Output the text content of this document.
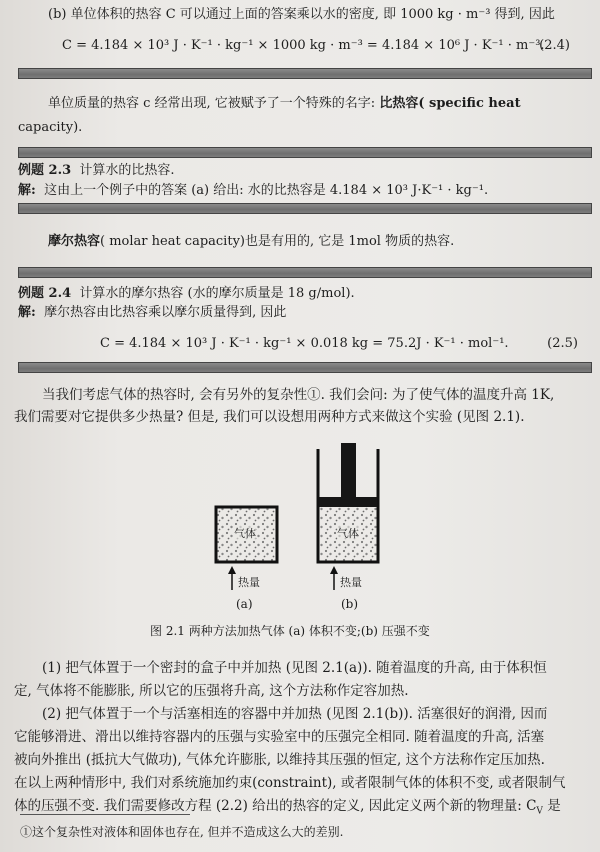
(b) 单位体积的热容 C 可以通过上面的答案乘以水的密度, 即 1000 kg · m⁻³ 得到, 因此
C = 4.184 × 10³ J · K⁻¹ · kg⁻¹ × 1000 kg · m⁻³ = 4.184 × 10⁶ J · K⁻¹ · m⁻³.
(2.4)
单位质量的热容 c 经常出现, 它被赋予了一个特殊的名字: 比热容( specific heat
capacity).
例题 2.3 计算水的比热容.
解: 这由上一个例子中的答案 (a) 给出: 水的比热容是 4.184 × 10³ J·K⁻¹ · kg⁻¹.
摩尔热容( molar heat capacity)也是有用的, 它是 1mol 物质的热容.
例题 2.4 计算水的摩尔热容 (水的摩尔质量是 18 g/mol).
解: 摩尔热容由比热容乘以摩尔质量得到, 因此
C = 4.184 × 10³ J · K⁻¹ · kg⁻¹ × 0.018 kg = 75.2J · K⁻¹ · mol⁻¹.	(2.5)
当我们考虑气体的热容时, 会有另外的复杂性①. 我们会问: 为了使气体的温度升高 1K,
我们需要对它提供多少热量? 但是, 我们可以设想用两种方式来做这个实验 (见图 2.1).
气体	气体
热量	热量
(a)	(b)
图 2.1 两种方法加热气体 (a) 体积不变;(b) 压强不变
(1) 把气体置于一个密封的盒子中并加热 (见图 2.1(a)). 随着温度的升高, 由于体积恒
定, 气体将不能膨胀, 所以它的压强将升高, 这个方法称作定容加热.
(2) 把气体置于一个与活塞相连的容器中并加热 (见图 2.1(b)). 活塞很好的润滑, 因而
它能够滑进、滑出以维持容器内的压强与实验室中的压强完全相同. 随着温度的升高, 活塞
被向外推出 (抵抗大气做功), 气体允许膨胀, 以维持其压强的恒定, 这个方法称作定压加热.
在以上两种情形中, 我们对系统施加约束(constraint), 或者限制气体的体积不变, 或者限制气
体的压强不变. 我们需要修改方程 (2.2) 给出的热容的定义, 因此定义两个新的物理量: $C_V$ 是
①这个复杂性对液体和固体也存在, 但并不造成这么大的差别.
